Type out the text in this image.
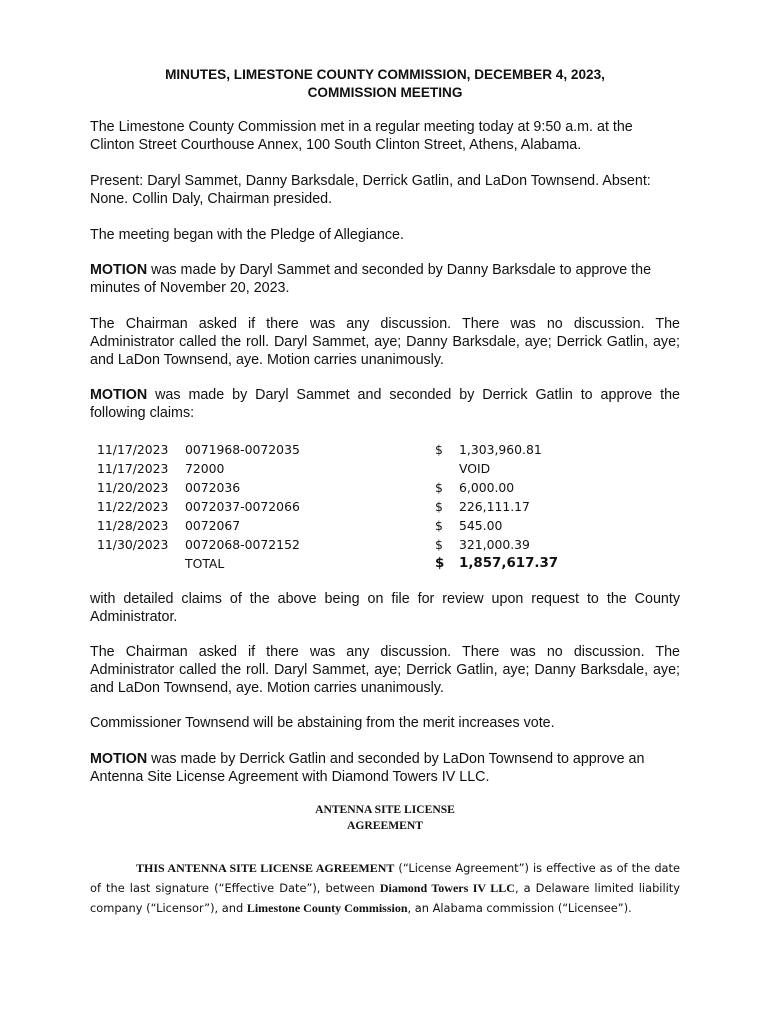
MINUTES, LIMESTONE COUNTY COMMISSION, DECEMBER 4, 2023,
COMMISSION MEETING

The Limestone County Commission met in a regular meeting today at 9:50 a.m. at the Clinton Street Courthouse Annex, 100 South Clinton Street, Athens, Alabama.

Present: Daryl Sammet, Danny Barksdale, Derrick Gatlin, and LaDon Townsend. Absent: None. Collin Daly, Chairman presided.

The meeting began with the Pledge of Allegiance.

MOTION was made by Daryl Sammet and seconded by Danny Barksdale to approve the minutes of November 20, 2023.

The Chairman asked if there was any discussion. There was no discussion. The Administrator called the roll. Daryl Sammet, aye; Danny Barksdale, aye; Derrick Gatlin, aye; and LaDon Townsend, aye. Motion carries unanimously.

MOTION was made by Daryl Sammet and seconded by Derrick Gatlin to approve the following claims:

11/17/2023 0071968-0072035	$ 1,303,960.81
11/17/2023 72000	VOID
11/20/2023 0072036	$ 6,000.00
11/22/2023 0072037-0072066	$ 226,111.17
11/28/2023 0072067	$ 545.00
11/30/2023 0072068-0072152	$ 321,000.39
TOTAL	$ 1,857,617.37

with detailed claims of the above being on file for review upon request to the County Administrator.

The Chairman asked if there was any discussion. There was no discussion. The Administrator called the roll. Daryl Sammet, aye; Derrick Gatlin, aye; Danny Barksdale, aye; and LaDon Townsend, aye. Motion carries unanimously.

Commissioner Townsend will be abstaining from the merit increases vote.

MOTION was made by Derrick Gatlin and seconded by LaDon Townsend to approve an Antenna Site License Agreement with Diamond Towers IV LLC.

ANTENNA SITE LICENSE
AGREEMENT

THIS ANTENNA SITE LICENSE AGREEMENT (“License Agreement”) is effective as of the date of the last signature (“Effective Date”), between Diamond Towers IV LLC, a Delaware limited liability company (“Licensor”), and Limestone County Commission, an Alabama commission (“Licensee”).
